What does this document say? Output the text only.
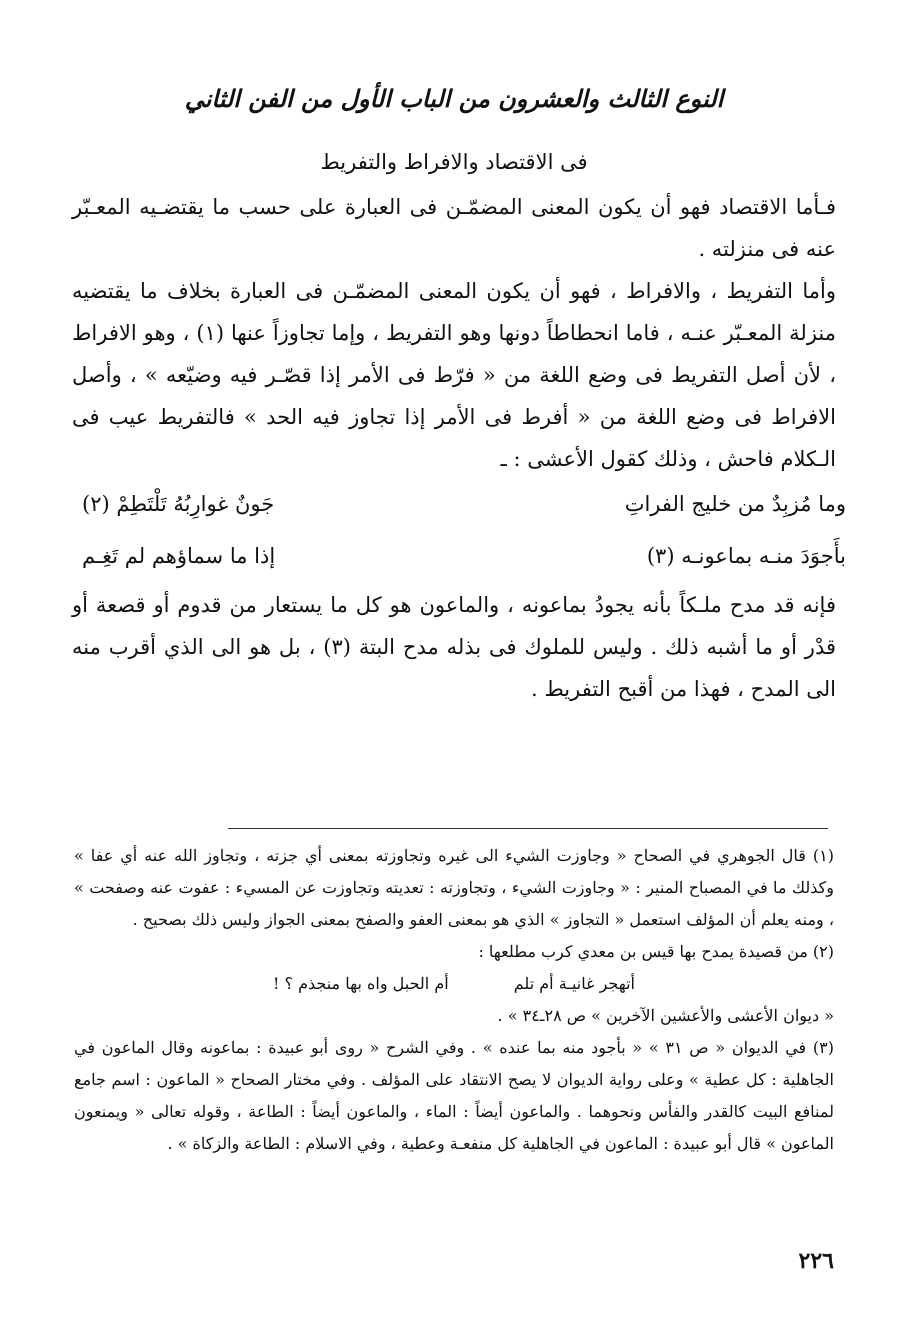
النوع الثالث والعشرون من الباب الأول من الفن الثاني
فى الاقتصاد والافراط والتفريط

فـأما الاقتصاد فهو أن يكون المعنى المضمّـن فى العبارة على حسب ما يقتضـيه المعـبّر عنه فى منزلته .

وأما التفريط ، والافراط ، فهو أن يكون المعنى المضمّـن فى العبارة بخلاف ما يقتضيه منزلة المعـبّر عنـه ، فاما انحطاطاً دونها وهو التفريط ، وإما تجاوزاً عنها (١) ، وهو الافراط ، لأن أصل التفريط فى وضع اللغة من « فرّط فى الأمر إذا قصّـر فيه وضيّعه » ، وأصل الافراط فى وضع اللغة من « أفرط فى الأمر إذا تجاوز فيه الحد » فالتفريط عيب فى الـكلام فاحش ، وذلك كقول الأعشى : ـ

وما مُزبِدٌ من خليج الفراتِ
جَونٌ غوارِبُهُ تَلْتَطِمْ (٢)
بأَجوَدَ منـه بماعونـه (٣)
إذا ما سماؤهم لم تَغِـم

فإنه قد مدح ملـكاً بأنه يجودُ بماعونه ، والماعون هو كل ما يستعار من قدوم أو قصعة أو قدْر أو ما أشبه ذلك . وليس للملوك فى بذله مدح البتة (٣) ، بل هو الى الذي أقرب منه الى المدح ، فهذا من أقبح التفريط .

(١) قال الجوهري في الصحاح « وجاوزت الشيء الى غيره وتجاوزته بمعنى أي جزته ، وتجاوز الله عنه أي عفا » وكذلك ما في المصباح المنير : « وجاوزت الشيء ، وتجاوزته : تعديته وتجاوزت عن المسيء : عفوت عنه وصفحت » ، ومنه يعلم أن المؤلف استعمل « التجاوز » الذي هو بمعنى العفو والصفح بمعنى الجواز وليس ذلك بصحيح .

(٢) من قصيدة يمدح بها قيس بن معدي كرب مطلعها :

أتهجر غانيـة أم تلم أم الحبل واه بها منجذم ؟ !

« ديوان الأعشى والأعشين الآخرين » ص ٢٨ـ٣٤ » .

(٣) في الديوان « ص ٣١ » « بأجود منه بما عنده » . وفي الشرح « روى أبو عبيدة : بماعونه وقال الماعون في الجاهلية : كل عطية » وعلى رواية الديوان لا يصح الانتقاد على المؤلف . وفي مختار الصحاح « الماعون : اسم جامع لمنافع البيت كالقدر والفأس ونحوهما . والماعون أيضاً : الماء ، والماعون أيضاً : الطاعة ، وقوله تعالى « ويمنعون الماعون » قال أبو عبيدة : الماعون في الجاهلية كل منفعـة وعطية ، وفي الاسلام : الطاعة والزكاة » .

٢٢٦
